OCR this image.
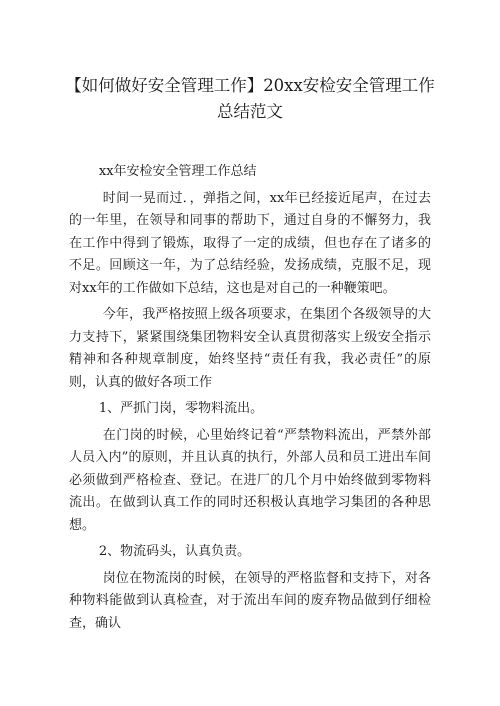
【如何做好安全管理工作】20xx安检安全管理工作总结范文

xx年安检安全管理工作总结

时间一晃而过．，弹指之间，xx年已经接近尾声，在过去的一年里，在领导和同事的帮助下，通过自身的不懈努力，我在工作中得到了锻炼，取得了一定的成绩，但也存在了诸多的不足。回顾这一年，为了总结经验，发扬成绩，克服不足，现对xx年的工作做如下总结，这也是对自己的一种鞭策吧。

今年，我严格按照上级各项要求，在集团个各级领导的大力支持下，紧紧围绕集团物料安全认真贯彻落实上级安全指示精神和各种规章制度，始终坚持“责任有我，我必责任”的原则，认真的做好各项工作

1、严抓门岗，零物料流出。

在门岗的时候，心里始终记着“严禁物料流出，严禁外部人员入内”的原则，并且认真的执行，外部人员和员工进出车间必须做到严格检查、登记。在进厂的几个月中始终做到零物料流出。在做到认真工作的同时还积极认真地学习集团的各种思想。

2、物流码头，认真负责。

岗位在物流岗的时候，在领导的严格监督和支持下，对各种物料能做到认真检查，对于流出车间的废弃物品做到仔细检查，确认
